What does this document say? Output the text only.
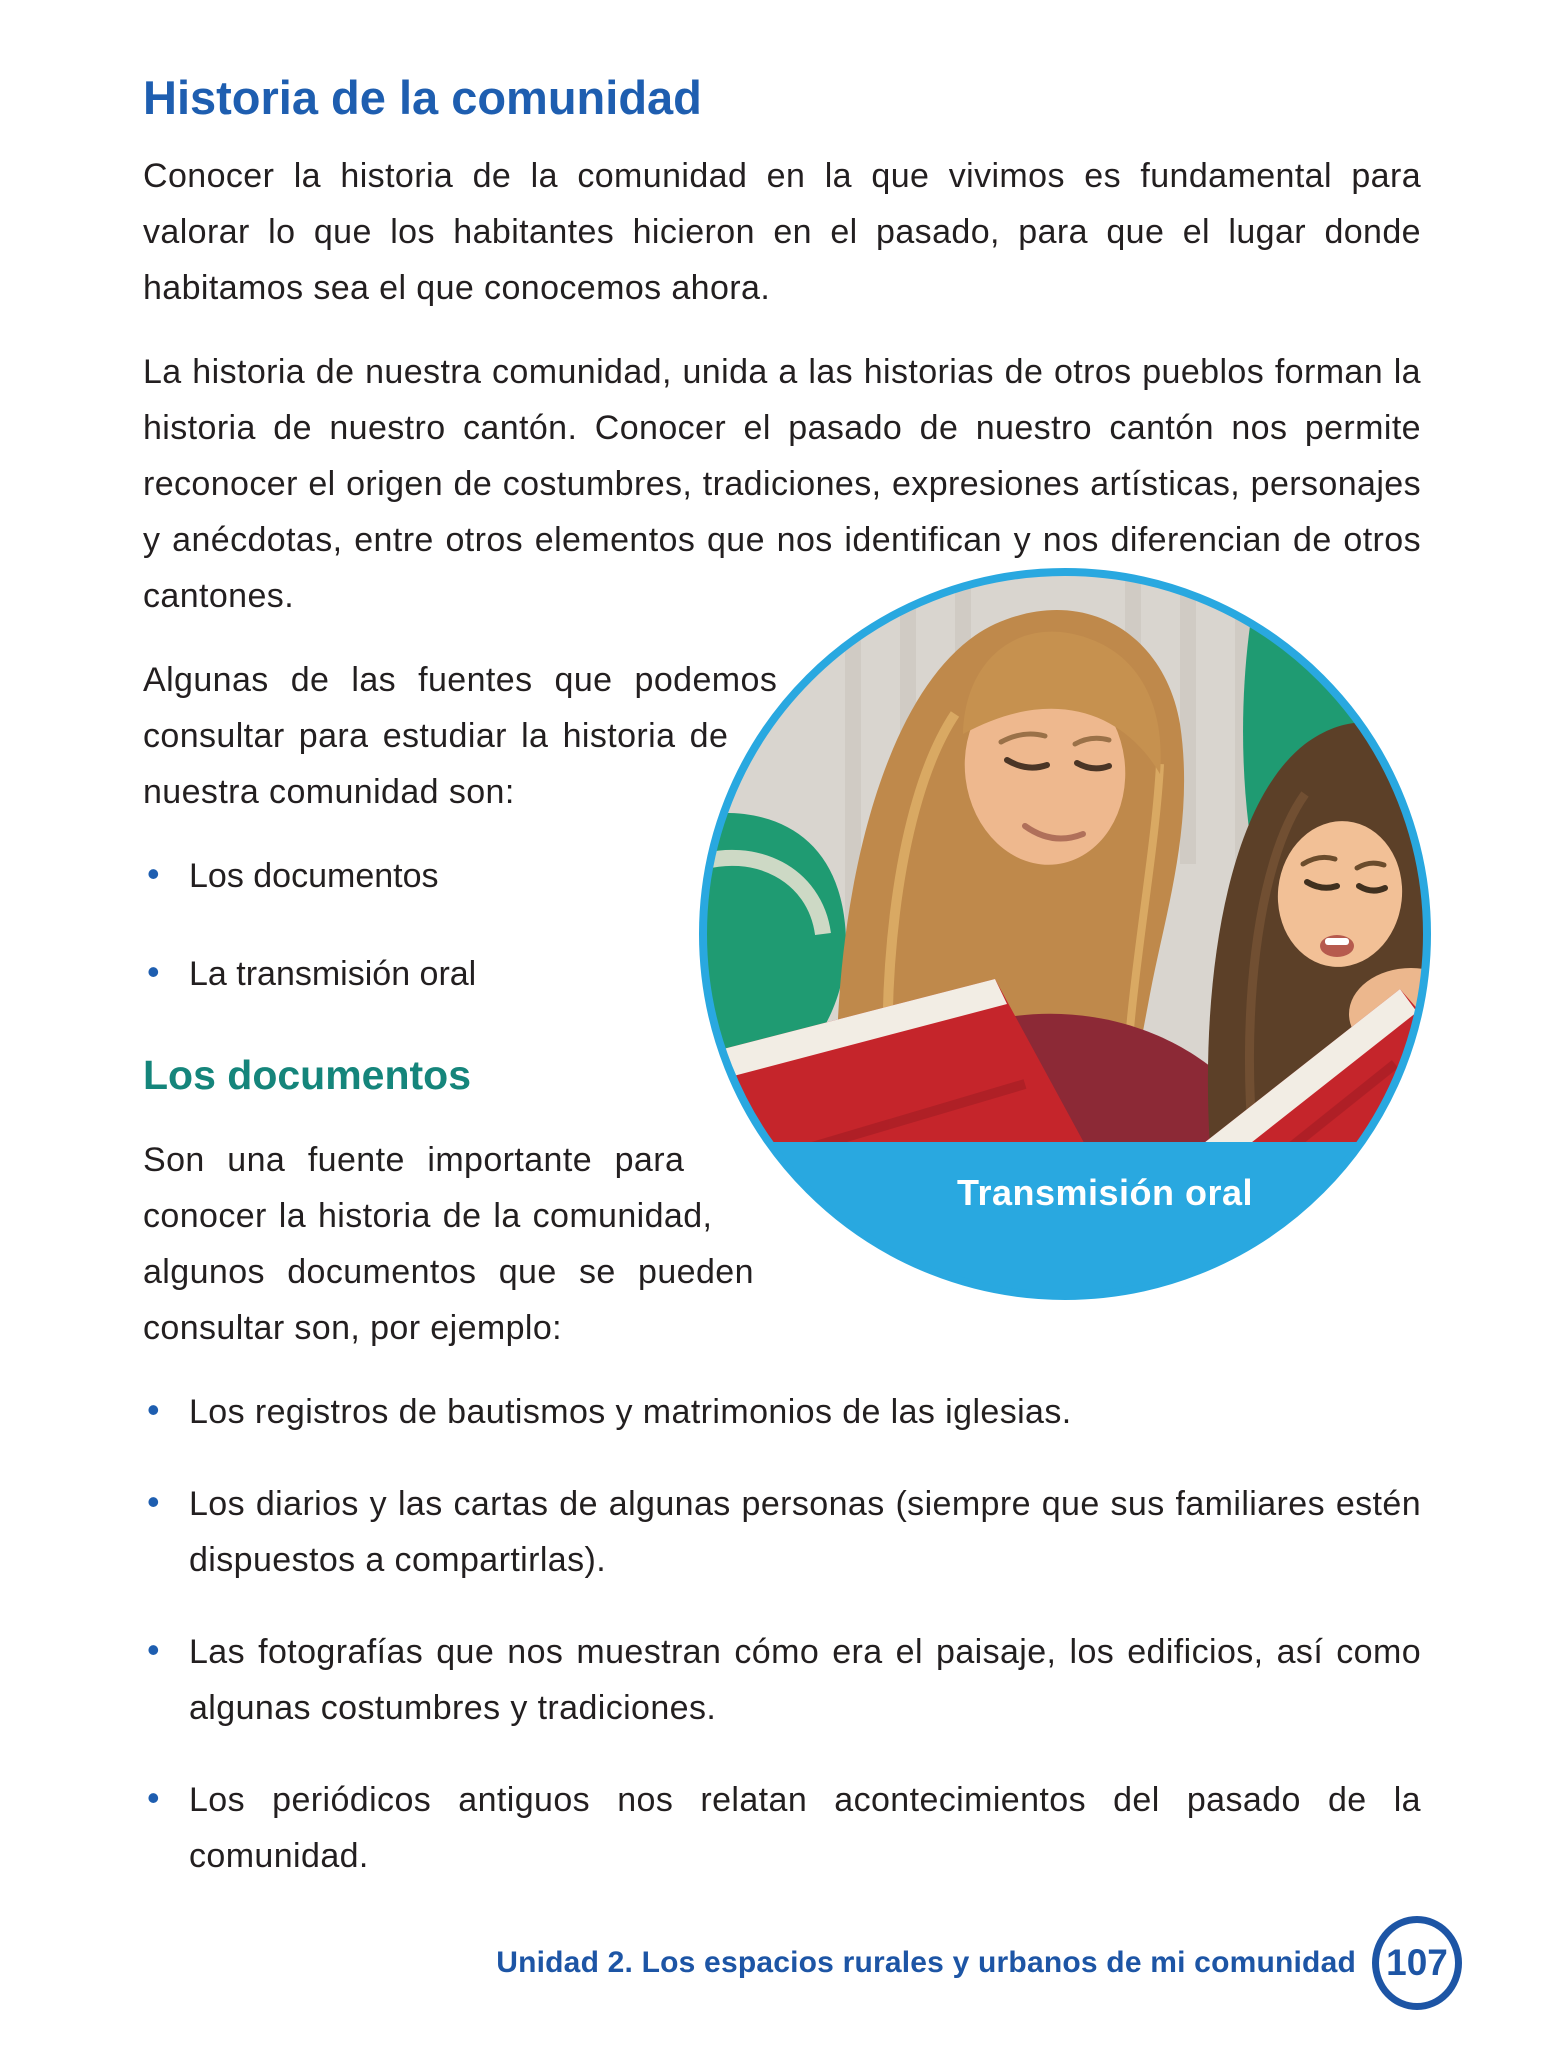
Historia de la comunidad

Conocer la historia de la comunidad en la que vivimos es fundamental para valorar lo que los habitantes hicieron en el pasado, para que el lugar donde habitamos sea el que conocemos ahora.

La historia de nuestra comunidad, unida a las historias de otros pueblos forman la historia de nuestro cantón. Conocer el pasado de nuestro cantón nos permite reconocer el origen de costumbres, tradiciones, expresiones artísticas, personajes y anécdotas, entre otros elementos que nos identifican y nos diferencian de otros cantones.

Transmisión oral

Algunas de las fuentes que podemos consultar para estudiar la historia de nuestra comunidad son:

• Los documentos
• La transmisión oral
Los documentos

Son una fuente importante para conocer la historia de la comunidad, algunos documentos que se pueden consultar son, por ejemplo:

• Los registros de bautismos y matrimonios de las iglesias.
• Los diarios y las cartas de algunas personas (siempre que sus familiares estén dispuestos a compartirlas).
• Las fotografías que nos muestran cómo era el paisaje, los edificios, así como algunas costumbres y tradiciones.
• Los periódicos antiguos nos relatan acontecimientos del pasado de la comunidad.
Unidad 2. Los espacios rurales y urbanos de mi comunidad 107
